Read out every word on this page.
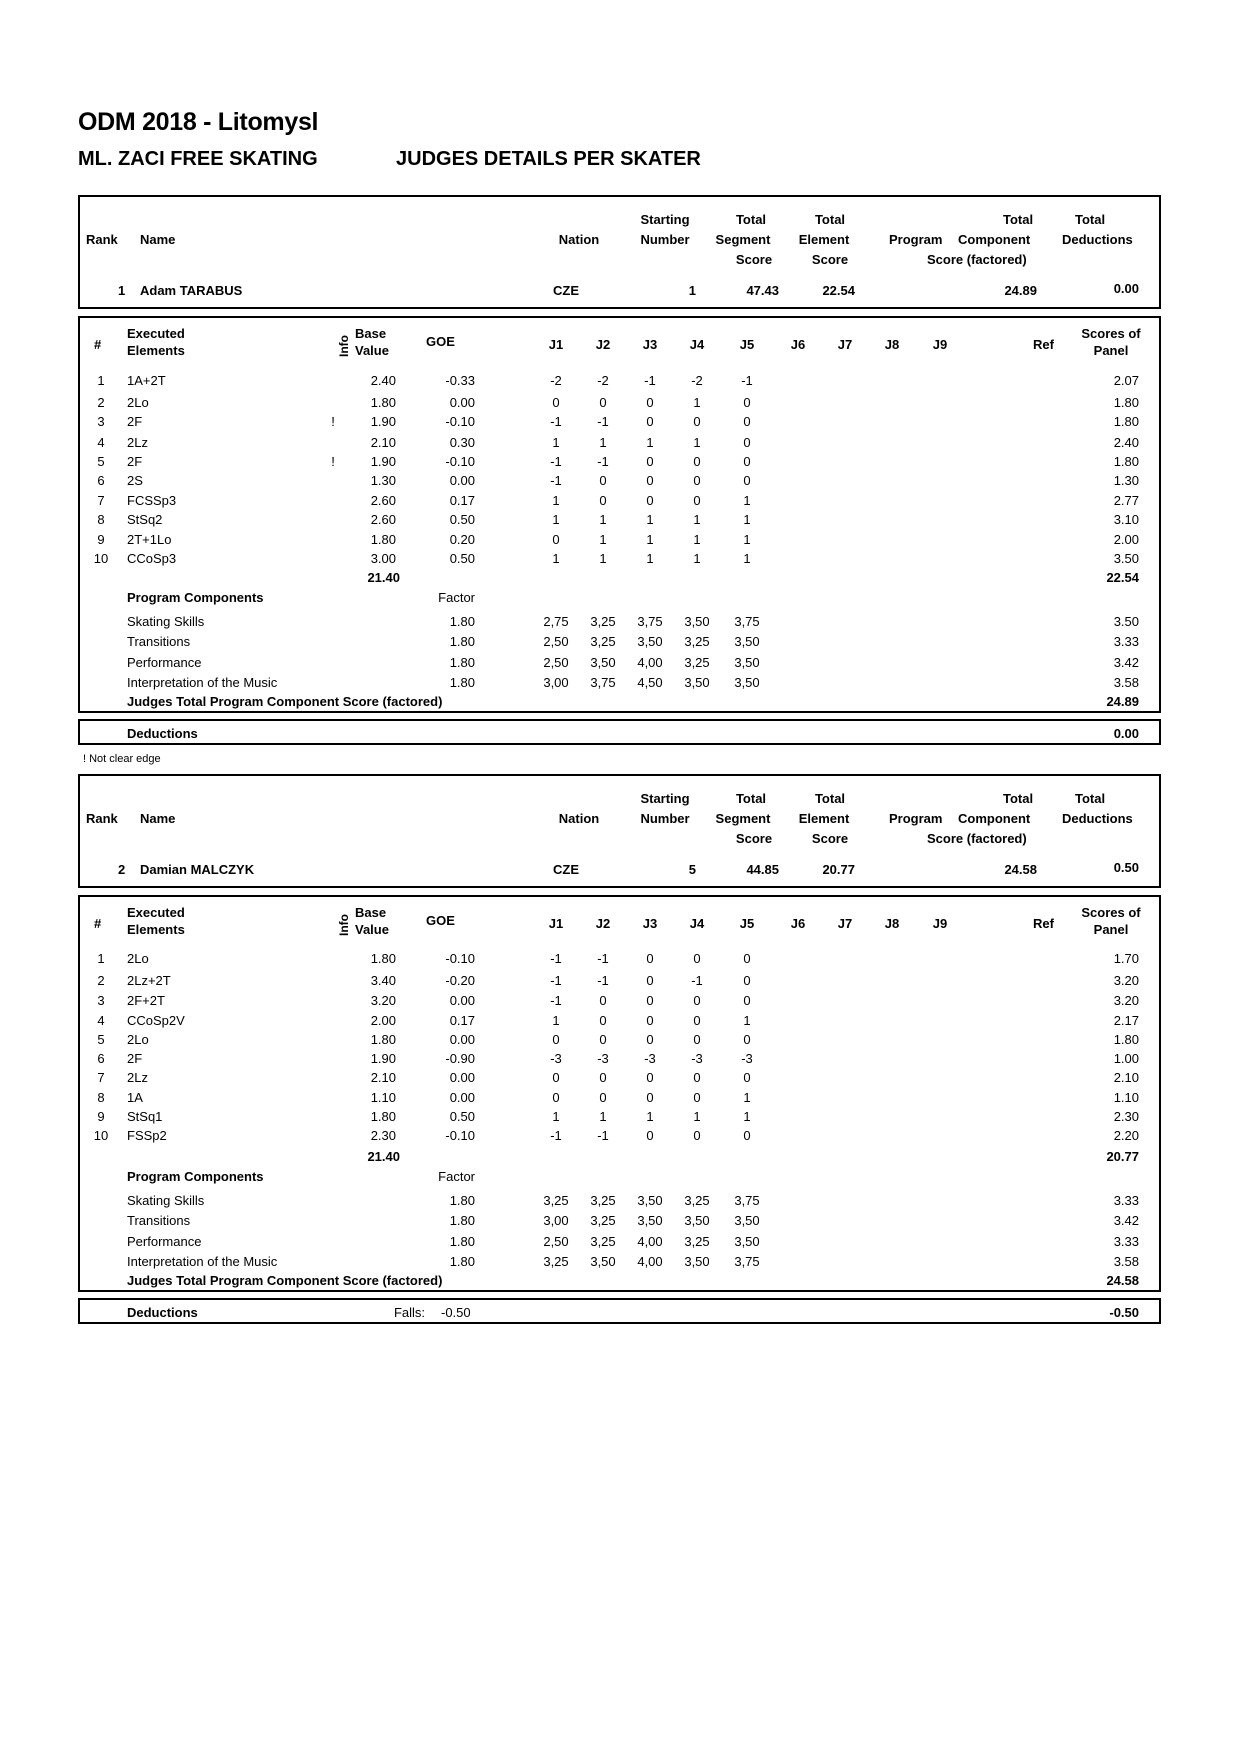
ODM 2018 - Litomysl
ML. ZACI FREE SKATING	JUDGES DETAILS PER SKATER
Rank Name	Nation
Starting
Number
Total
Segment
Score
Total
Element
Score
Total
Program Component
Score (factored)
Total
Deductions
1 Adam TARABUS	CZE	1	47.43	22.54	24.89	0.00
#
Executed
Elements	Info
Base
Value
GOE	J1	J2	J3	J4	J5	J6	J7	J8	J9	Ref
Scores of
Panel
1 1A+2T	2.40	-0.33	-2	-2	-1	-2	-1	2.07
2 2Lo	1.80	0.00	0	0	0	1	0	1.80
3 2F	!	1.90	-0.10	-1	-1	0	0	0	1.80
4 2Lz	2.10	0.30	1	1	1	1	0	2.40
5 2F	!	1.90	-0.10	-1	-1	0	0	0	1.80
6 2S	1.30	0.00	-1	0	0	0	0	1.30
7 FCSSp3	2.60	0.17	1	0	0	0	1	2.77
8 StSq2	2.60	0.50	1	1	1	1	1	3.10
9 2T+1Lo	1.80	0.20	0	1	1	1	1	2.00
10 CCoSp3	3.00	0.50	1	1	1	1	1	3.50
21.40	22.54
Program Components	Factor
Skating Skills	1.80	2,75 3,25 3,75 3,50 3,75	3.50
Transitions	1.80	2,50 3,25 3,50 3,25 3,50	3.33
Performance	1.80	2,50 3,50 4,00 3,25 3,50	3.42
Interpretation of the Music	1.80	3,00 3,75 4,50 3,50 3,50	3.58
Judges Total Program Component Score (factored)	24.89
Deductions	0.00
Rank Name	Nation
Starting
Number
Total
Segment
Score
Total
Element
Score
Total
Program Component
Score (factored)
Total
Deductions
2 Damian MALCZYK	CZE	5	44.85	20.77	24.58	0.50
#
Executed
Elements	Info
Base
Value
GOE	J1	J2	J3	J4	J5	J6	J7	J8	J9	Ref
Scores of
Panel
1 2Lo	1.80	-0.10	-1	-1	0	0	0	1.70
2 2Lz+2T	3.40	-0.20	-1	-1	0	-1	0	3.20
3 2F+2T	3.20	0.00	-1	0	0	0	0	3.20
4 CCoSp2V	2.00	0.17	1	0	0	0	1	2.17
5 2Lo	1.80	0.00	0	0	0	0	0	1.80
6 2F	1.90	-0.90	-3	-3	-3	-3	-3	1.00
7 2Lz	2.10	0.00	0	0	0	0	0	2.10
8 1A	1.10	0.00	0	0	0	0	1	1.10
9 StSq1	1.80	0.50	1	1	1	1	1	2.30
10 FSSp2	2.30	-0.10	-1	-1	0	0	0	2.20
21.40	20.77
Program Components	Factor
Skating Skills	1.80	3,25 3,25 3,50 3,25 3,75	3.33
Transitions	1.80	3,00 3,25 3,50 3,50 3,50	3.42
Performance	1.80	2,50 3,25 4,00 3,25 3,50	3.33
Interpretation of the Music	1.80	3,25 3,50 4,00 3,50 3,75	3.58
Judges Total Program Component Score (factored)	24.58
Deductions	Falls: -0.50	-0.50
! Not clear edge
